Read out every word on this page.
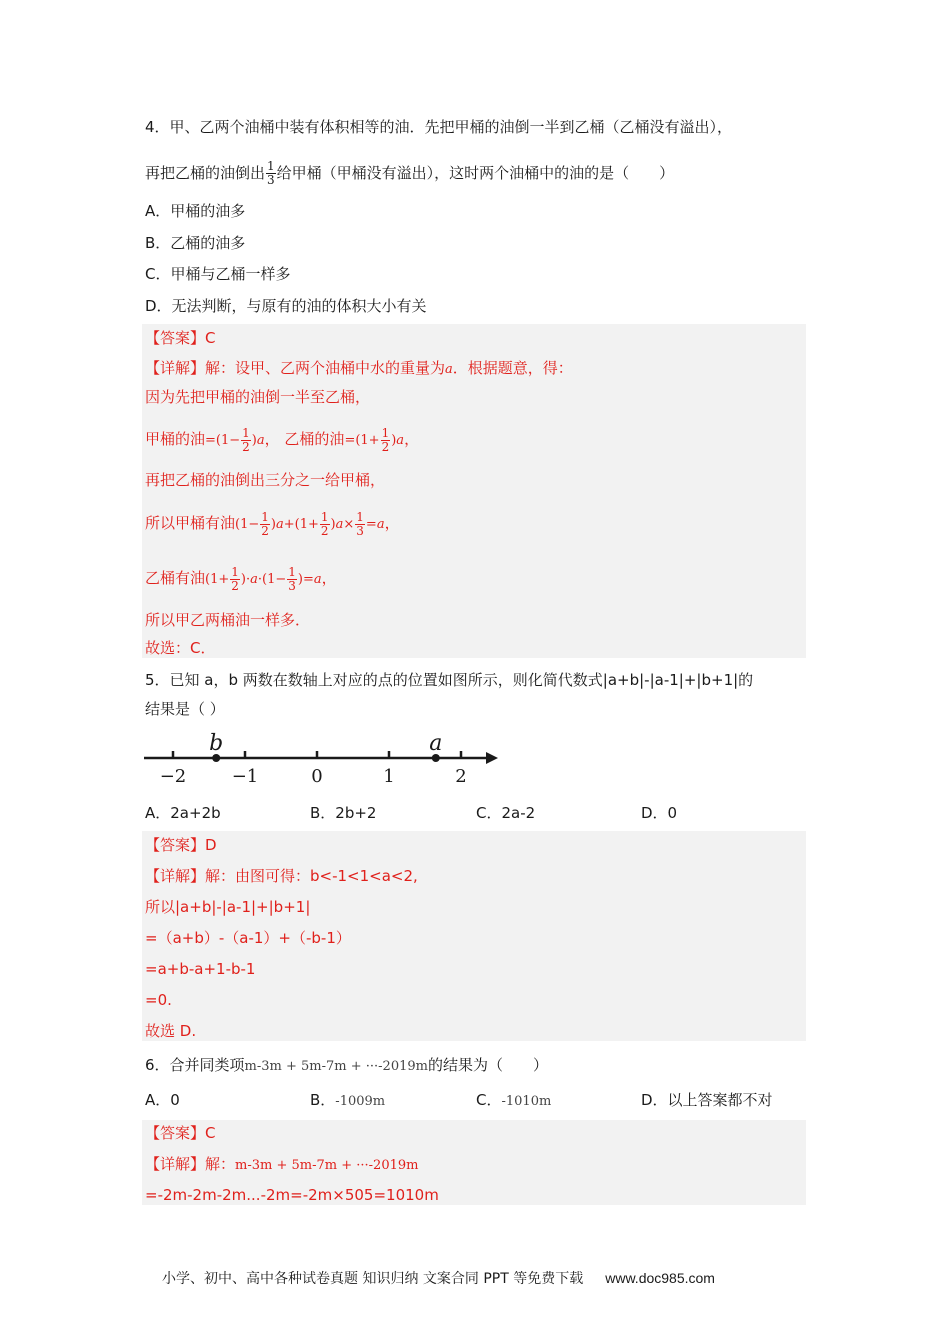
4．甲、乙两个油桶中装有体积相等的油．先把甲桶的油倒一半到乙桶（乙桶没有溢出），
再把乙桶的油倒出 $\frac{1}{3}$ 给甲桶（甲桶没有溢出），这时两个油桶中的油的是（　　）
A．甲桶的油多
B．乙桶的油多
C．甲桶与乙桶一样多
D．无法判断，与原有的油的体积大小有关
【答案】C
【详解】解：设甲、乙两个油桶中水的重量为a．根据题意，得：
因为先把甲桶的油倒一半至乙桶，
甲桶的油$=(1- \frac{1}{2} )a$， 乙桶的油$=(1+ \frac{1}{2} )a$，
再把乙桶的油倒出三分之一给甲桶，
所以甲桶有油$(1- \frac{1}{2} )a+(1+ \frac{1}{2} )a\times \frac{1}{3} =a$，
乙桶有油$(1+ \frac{1}{2} )\cdot a\cdot(1- \frac{1}{3} )=a$，
所以甲乙两桶油一样多．
故选：C．
5．已知 a，b 两数在数轴上对应的点的位置如图所示，则化简代数式|a+b|-|a-1|+|b+1|的
结果是（ ）
−2	−1	0	1	2
b	a
A．2a+2b	B．2b+2	C．2a-2	D．0
【答案】D
【详解】解：由图可得：b<-1<1<a<2,
所以|a+b|-|a-1|+|b+1|
=（a+b）-（a-1）+（-b-1）
=a+b-a+1-b-1
=0.
故选 D.
6．合并同类项m-3m + 5m-7m + ···-2019m的结果为（　　）
A．0	B．-1009m	C．-1010m	D．以上答案都不对
【答案】C
【详解】解：m-3m + 5m-7m + ···-2019m
=-2m-2m-2m...-2m=-2m×505=1010m
小学、初中、高中各种试卷真题 知识归纳 文案合同 PPT 等免费下载 www.doc985.com
